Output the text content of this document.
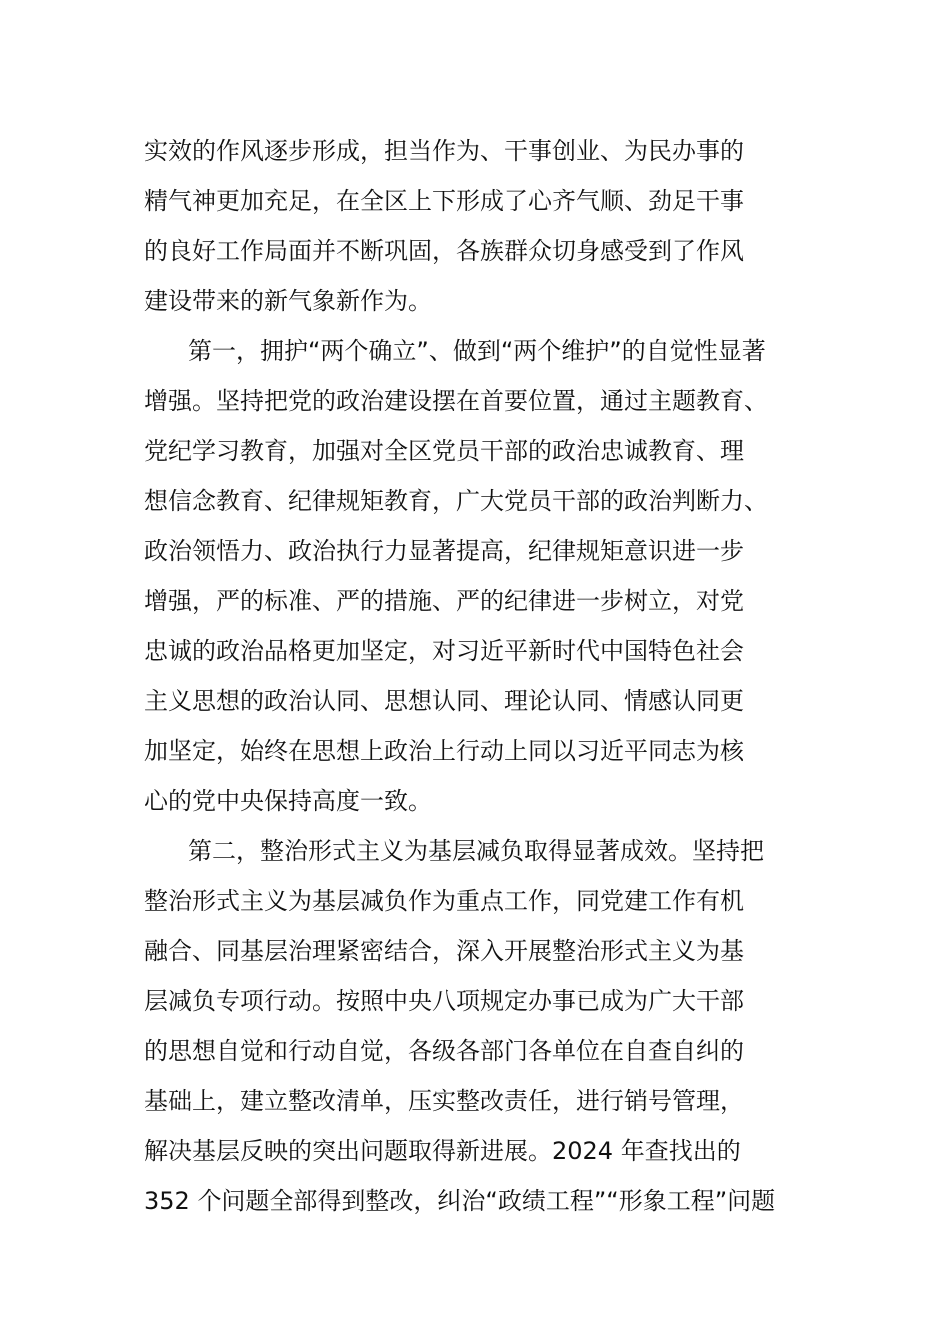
实效的作风逐步形成，担当作为、干事创业、为民办事的
精气神更加充足，在全区上下形成了心齐气顺、劲足干事
的良好工作局面并不断巩固，各族群众切身感受到了作风
建设带来的新气象新作为。
第一，拥护“两个确立”、做到“两个维护”的自觉性显著
增强。坚持把党的政治建设摆在首要位置，通过主题教育、
党纪学习教育，加强对全区党员干部的政治忠诚教育、理
想信念教育、纪律规矩教育，广大党员干部的政治判断力、
政治领悟力、政治执行力显著提高，纪律规矩意识进一步
增强，严的标准、严的措施、严的纪律进一步树立，对党
忠诚的政治品格更加坚定，对习近平新时代中国特色社会
主义思想的政治认同、思想认同、理论认同、情感认同更
加坚定，始终在思想上政治上行动上同以习近平同志为核
心的党中央保持高度一致。
第二，整治形式主义为基层减负取得显著成效。坚持把
整治形式主义为基层减负作为重点工作，同党建工作有机
融合、同基层治理紧密结合，深入开展整治形式主义为基
层减负专项行动。按照中央八项规定办事已成为广大干部
的思想自觉和行动自觉，各级各部门各单位在自查自纠的
基础上，建立整改清单，压实整改责任，进行销号管理，
解决基层反映的突出问题取得新进展。2024 年查找出的
352 个问题全部得到整改，纠治“政绩工程”“形象工程”问题
